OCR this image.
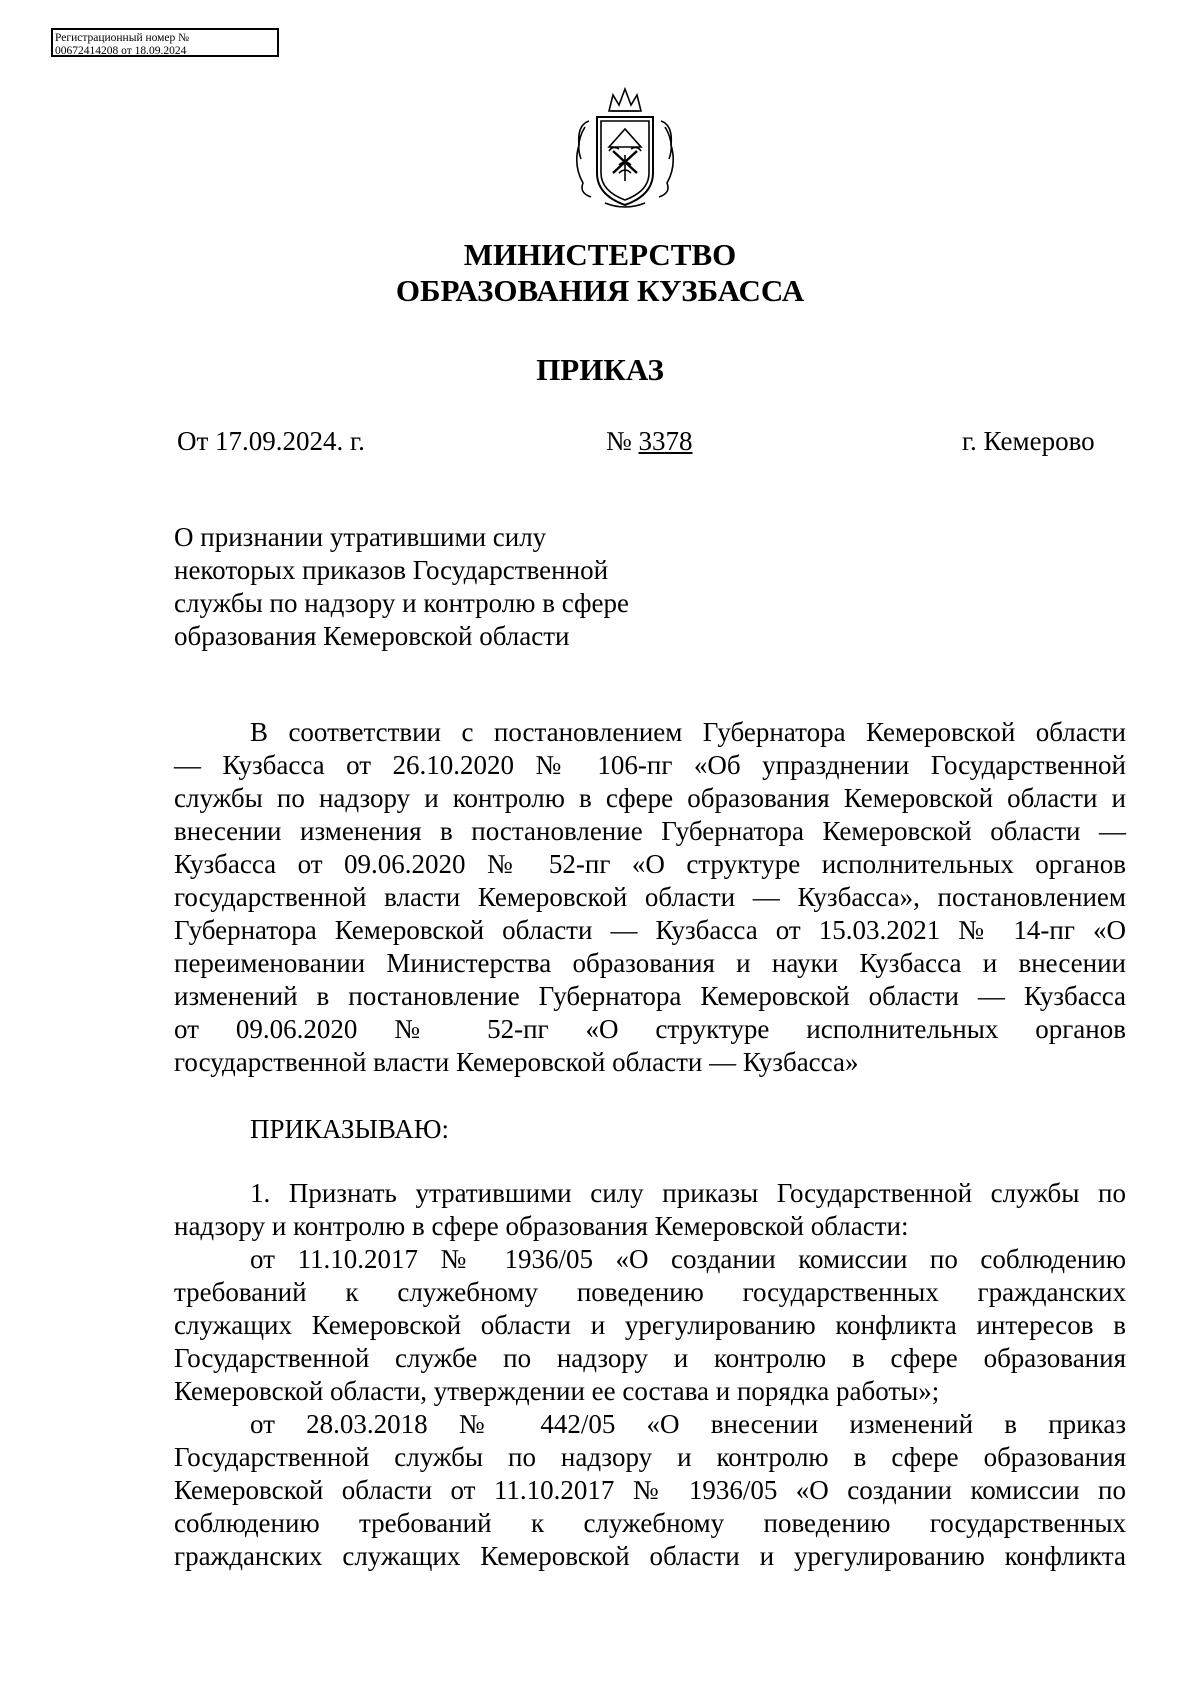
Регистрационный номер №
00672414208 от 18.09.2024
МИНИСТЕРСТВО
ОБРАЗОВАНИЯ КУЗБАССА
ПРИКАЗ
От 17.09.2024. г.	№ 3378	г. Кемерово
О признании утратившими силу
некоторых приказов Государственной
службы по надзору и контролю в сфере
образования Кемеровской области
В соответствии с постановлением Губернатора Кемеровской области
— Кузбасса от 26.10.2020 № 106-пг «Об упразднении Государственной
службы по надзору и контролю в сфере образования Кемеровской области и
внесении изменения в постановление Губернатора Кемеровской области —
Кузбасса от 09.06.2020 № 52-пг «О структуре исполнительных органов
государственной власти Кемеровской области — Кузбасса», постановлением
Губернатора Кемеровской области — Кузбасса от 15.03.2021 № 14-пг «О
переименовании Министерства образования и науки Кузбасса и внесении
изменений в постановление Губернатора Кемеровской области — Кузбасса
от 09.06.2020 № 52-пг «О структуре исполнительных органов
государственной власти Кемеровской области — Кузбасса»
ПРИКАЗЫВАЮ:
1. Признать утратившими силу приказы Государственной службы по
надзору и контролю в сфере образования Кемеровской области:
от 11.10.2017 № 1936/05 «О создании комиссии по соблюдению
требований к служебному поведению государственных гражданских
служащих Кемеровской области и урегулированию конфликта интересов в
Государственной службе по надзору и контролю в сфере образования
Кемеровской области, утверждении ее состава и порядка работы»;
от 28.03.2018 № 442/05 «О внесении изменений в приказ
Государственной службы по надзору и контролю в сфере образования
Кемеровской области от 11.10.2017 № 1936/05 «О создании комиссии по
соблюдению требований к служебному поведению государственных
гражданских служащих Кемеровской области и урегулированию конфликта
